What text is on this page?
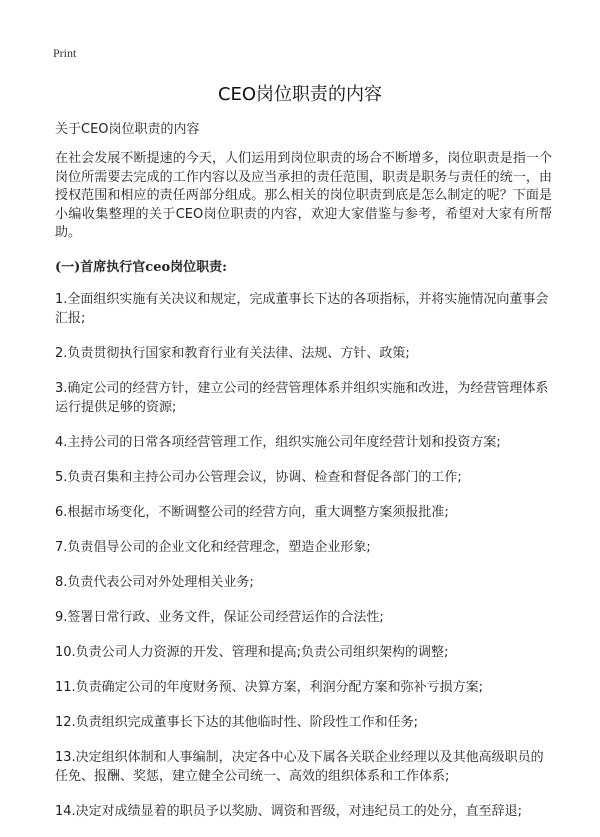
Print
CEO岗位职责的内容

关于CEO岗位职责的内容

在社会发展不断提速的今天，人们运用到岗位职责的场合不断增多，岗位职责是指一个岗位所需要去完成的工作内容以及应当承担的责任范围，职责是职务与责任的统一，由授权范围和相应的责任两部分组成。那么相关的岗位职责到底是怎么制定的呢？下面是小编收集整理的关于CEO岗位职责的内容，欢迎大家借鉴与参考，希望对大家有所帮助。

(一)首席执行官ceo岗位职责:

1.全面组织实施有关决议和规定，完成董事长下达的各项指标，并将实施情况向董事会汇报;
2.负责贯彻执行国家和教育行业有关法律、法规、方针、政策;
3.确定公司的经营方针，建立公司的经营管理体系并组织实施和改进，为经营管理体系运行提供足够的资源;
4.主持公司的日常各项经营管理工作，组织实施公司年度经营计划和投资方案;
5.负责召集和主持公司办公管理会议，协调、检查和督促各部门的工作;
6.根据市场变化，不断调整公司的经营方向，重大调整方案须报批准;
7.负责倡导公司的企业文化和经营理念，塑造企业形象;
8.负责代表公司对外处理相关业务;
9.签署日常行政、业务文件，保证公司经营运作的合法性;
10.负责公司人力资源的开发、管理和提高;负责公司组织架构的调整;
11.负责确定公司的年度财务预、决算方案，利润分配方案和弥补亏损方案;
12.负责组织完成董事长下达的其他临时性、阶段性工作和任务;
13.决定组织体制和人事编制，决定各中心及下属各关联企业经理以及其他高级职员的任免、报酬、奖惩，建立健全公司统一、高效的组织体系和工作体系;
14.决定对成绩显着的职员予以奖励、调资和晋级，对违纪员工的处分，直至辞退;
